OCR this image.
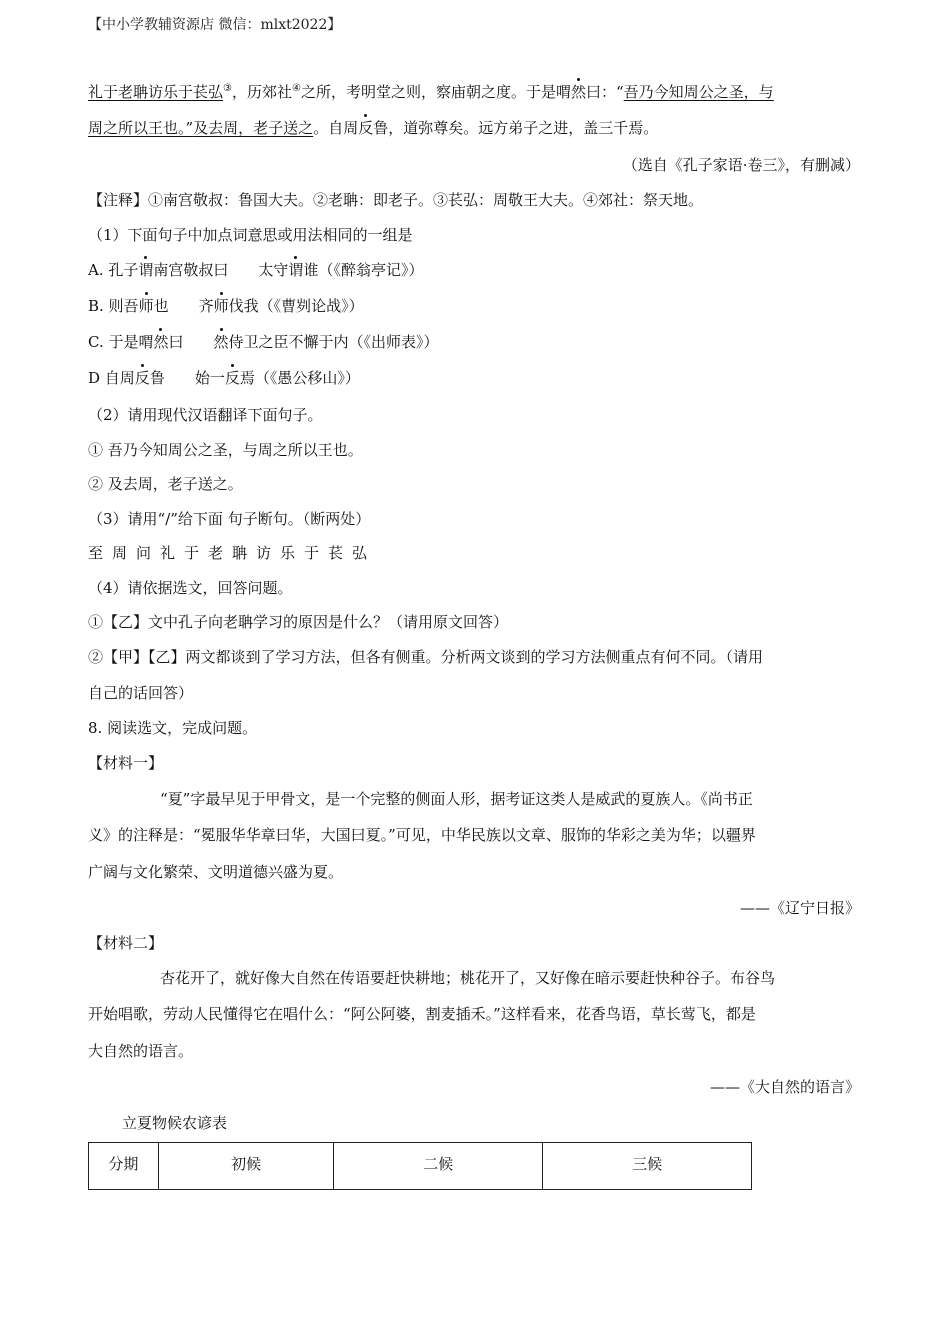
【中小学教辅资源店 微信：mlxt2022】
礼于老聃访乐于苌弘③，历郊社④之所，考明堂之则，察庙朝之度。于是喟然曰：“吾乃今知周公之圣，与
周之所以王也。”及去周，老子送之。自周反鲁，道弥尊矣。远方弟子之进，盖三千焉。
（选自《孔子家语·卷三》，有删减）
【注释】①南宫敬叔：鲁国大夫。②老聃：即老子。③苌弘：周敬王大夫。④郊社：祭天地。
（1）下面句子中加点词意思或用法相同的一组是
A. 孔子谓南宫敬叔曰 太守谓谁（《醉翁亭记》）
B. 则吾师也 齐师伐我（《曹刿论战》）
C. 于是喟然曰 然侍卫之臣不懈于内（《出师表》）
D 自周反鲁 始一反焉（《愚公移山》）
（2）请用现代汉语翻译下面句子。
① 吾乃今知周公之圣，与周之所以王也。
② 及去周，老子送之。
（3）请用“/”给下面 句子断句。（断两处）
至周问礼于老聃访乐于苌弘
（4）请依据选文，回答问题。
①【乙】文中孔子向老聃学习的原因是什么？（请用原文回答）
②【甲】【乙】两文都谈到了学习方法，但各有侧重。分析两文谈到的学习方法侧重点有何不同。（请用
自己的话回答）
8. 阅读选文，完成问题。
【材料一】
“夏”字最早见于甲骨文，是一个完整的侧面人形，据考证这类人是威武的夏族人。《尚书正
义》的注释是：“冕服华华章曰华，大国曰夏。”可见，中华民族以文章、服饰的华彩之美为华；以疆界
广阔与文化繁荣、文明道德兴盛为夏。
——《辽宁日报》
【材料二】
杏花开了，就好像大自然在传语要赶快耕地；桃花开了，又好像在暗示要赶快种谷子。布谷鸟
开始唱歌，劳动人民懂得它在唱什么：“阿公阿婆，割麦插禾。”这样看来，花香鸟语，草长莺飞，都是
大自然的语言。
——《大自然的语言》
立夏物候农谚表
分期	初候	二候	三候
